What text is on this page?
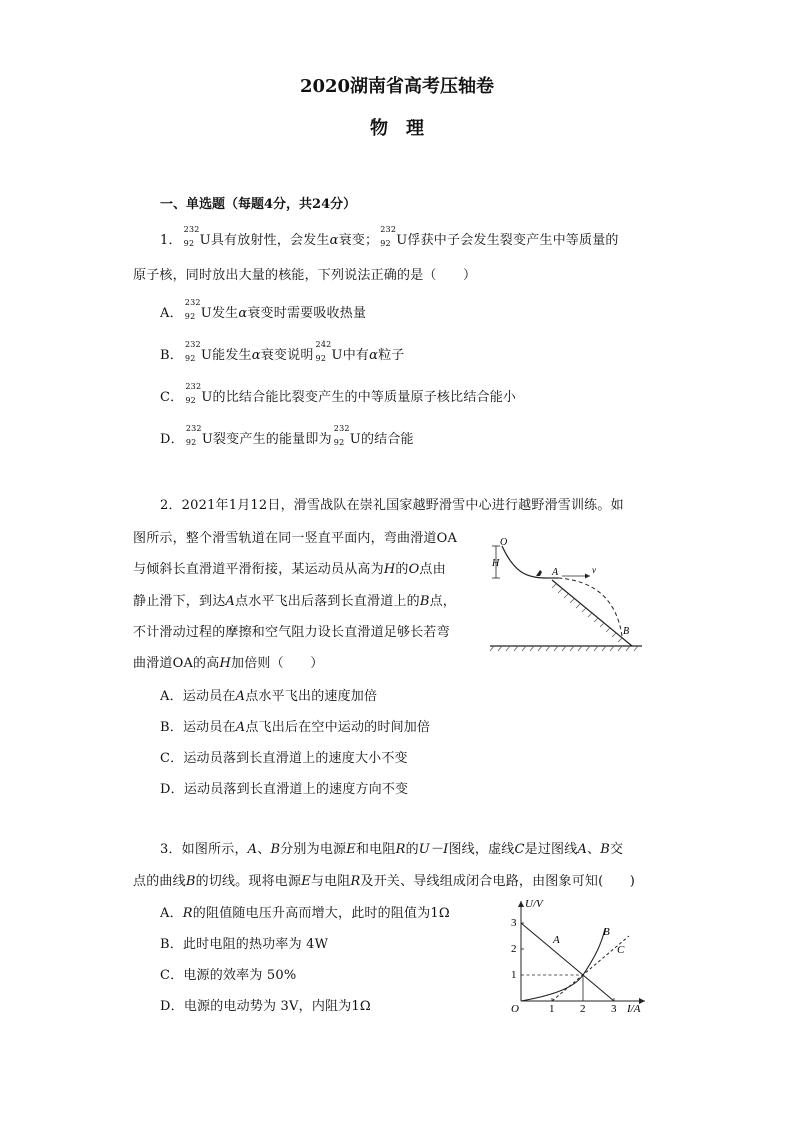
2020湖南省高考压轴卷
物　理
一、单选题（每题4分，共24分）
1．
232
92 U具有放射性，会发生α衰变；
232
92 U俘获中子会发生裂变产生中等质量的
原子核，同时放出大量的核能，下列说法正确的是（　　）
A．
232
92 U发生α衰变时需要吸收热量
B．
232
92 U能发生α衰变说明
242
92 U中有α粒子
C．
232
92 U的比结合能比裂变产生的中等质量原子核比结合能小
D．
232
92 U裂变产生的能量即为
232
92 U的结合能
2．2021年1月12日，滑雪战队在崇礼国家越野滑雪中心进行越野滑雪训练。如
图所示，整个滑雪轨道在同一竖直平面内，弯曲滑道OA
与倾斜长直滑道平滑衔接，某运动员从高为H的O点由
静止滑下，到达A点水平飞出后落到长直滑道上的B点，
不计滑动过程的摩擦和空气阻力设长直滑道足够长若弯
曲滑道OA的高H加倍则（　　）
H
O
A	v
B
A．运动员在A点水平飞出的速度加倍
B．运动员在A点飞出后在空中运动的时间加倍
C．运动员落到长直滑道上的速度大小不变
D．运动员落到长直滑道上的速度方向不变
3．如图所示，A、B分别为电源E和电阻R的U－I图线，虚线C是过图线A、B交
点的曲线B的切线。现将电源E与电阻R及开关、导线组成闭合电路，由图象可知(　　)
A．R的阻值随电压升高而增大，此时的阻值为1Ω
B．此时电阻的热功率为 4W
C．电源的效率为 50%
D．电源的电动势为 3V，内阻为1Ω
U/V
I/A
O
3
2
1
1 2 3
A
B
C
